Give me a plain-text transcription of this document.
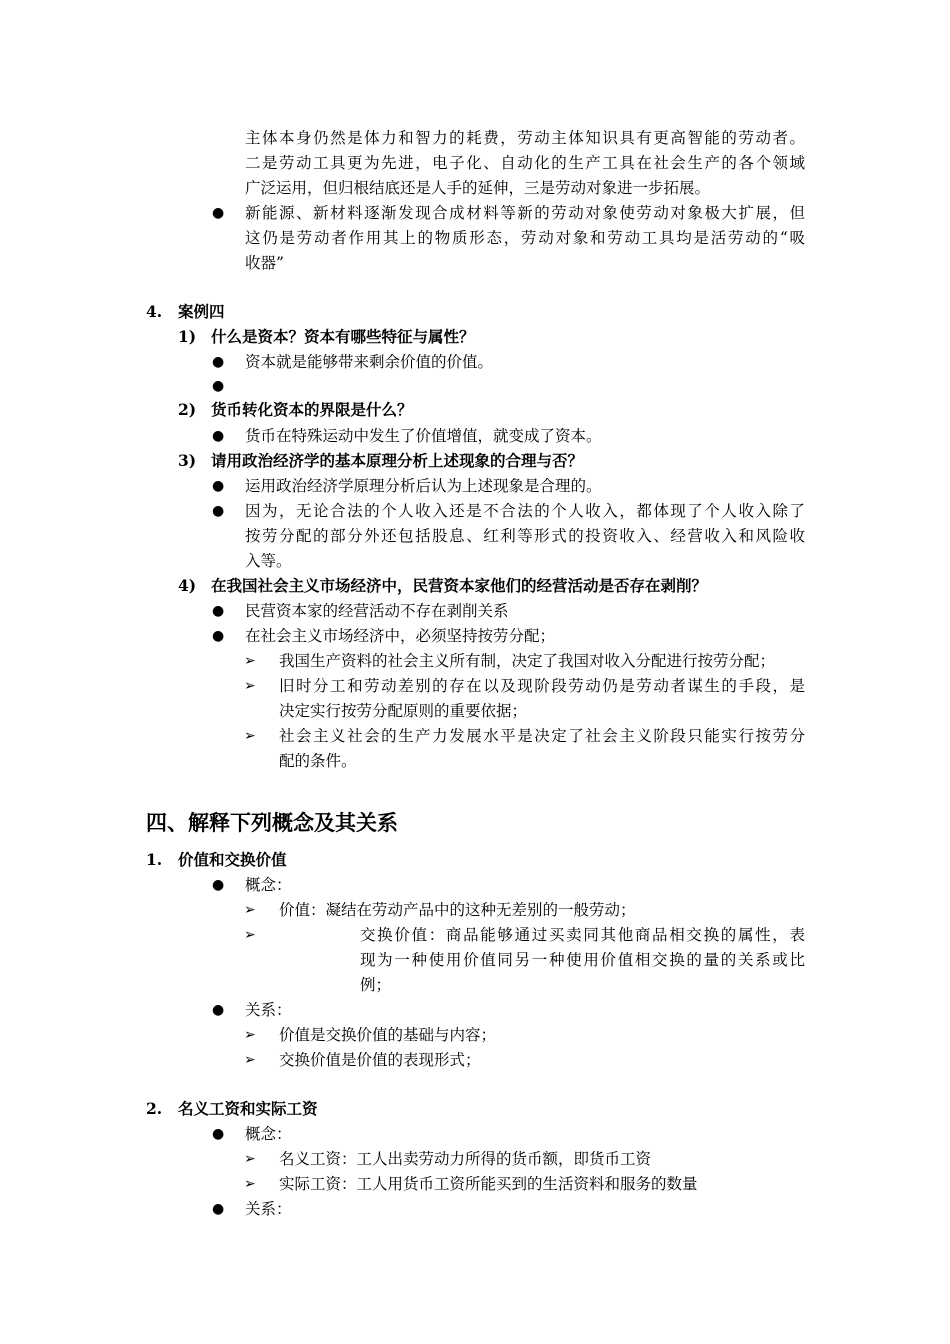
主体本身仍然是体力和智力的耗费，劳动主体知识具有更高智能的劳动者。
二是劳动工具更为先进，电子化、自动化的生产工具在社会生产的各个领域
广泛运用，但归根结底还是人手的延伸，三是劳动对象进一步拓展。
● 新能源、新材料逐渐发现合成材料等新的劳动对象使劳动对象极大扩展，但
这仍是劳动者作用其上的物质形态，劳动对象和劳动工具均是活劳动的“吸
收器”
4. 案例四
1) 什么是资本？资本有哪些特征与属性？
● 资本就是能够带来剩余价值的价值。
●
2) 货币转化资本的界限是什么？
● 货币在特殊运动中发生了价值增值，就变成了资本。
3) 请用政治经济学的基本原理分析上述现象的合理与否？
● 运用政治经济学原理分析后认为上述现象是合理的。
● 因为，无论合法的个人收入还是不合法的个人收入，都体现了个人收入除了
按劳分配的部分外还包括股息、红利等形式的投资收入、经营收入和风险收
入等。
4) 在我国社会主义市场经济中，民营资本家他们的经营活动是否存在剥削？
● 民营资本家的经营活动不存在剥削关系
● 在社会主义市场经济中，必须坚持按劳分配；
➢ 我国生产资料的社会主义所有制，决定了我国对收入分配进行按劳分配；
➢ 旧时分工和劳动差别的存在以及现阶段劳动仍是劳动者谋生的手段，是
决定实行按劳分配原则的重要依据；
➢ 社会主义社会的生产力发展水平是决定了社会主义阶段只能实行按劳分
配的条件。
四、解释下列概念及其关系
1. 价值和交换价值
● 概念：
➢ 价值：凝结在劳动产品中的这种无差别的一般劳动；
➢	交换价值：商品能够通过买卖同其他商品相交换的属性，表
现为一种使用价值同另一种使用价值相交换的量的关系或比
例；
● 关系：
➢ 价值是交换价值的基础与内容；
➢ 交换价值是价值的表现形式；
2. 名义工资和实际工资
● 概念：
➢ 名义工资：工人出卖劳动力所得的货币额，即货币工资
➢ 实际工资：工人用货币工资所能买到的生活资料和服务的数量
● 关系：
